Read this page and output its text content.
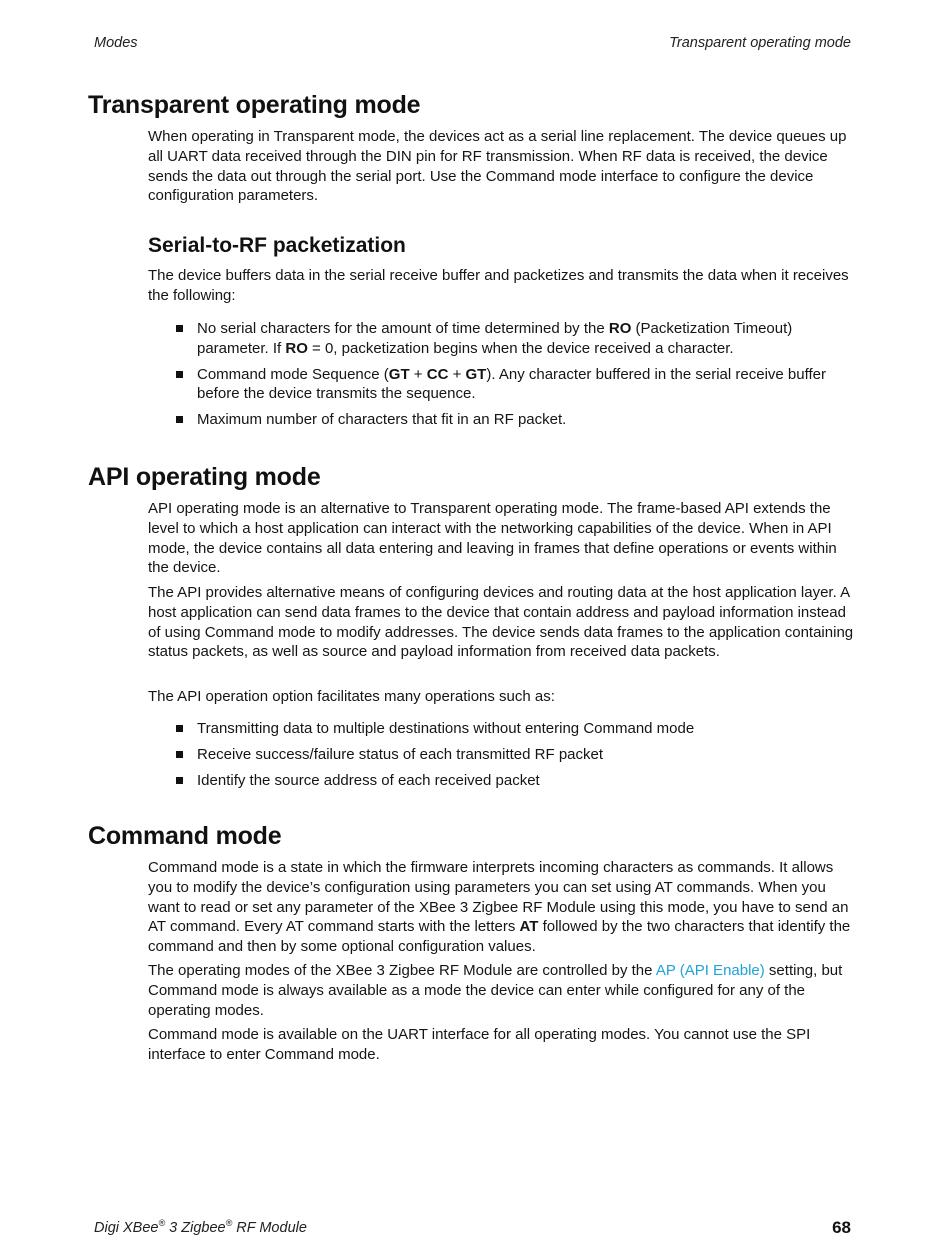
Modes	Transparent operating mode
Transparent operating mode

When operating in Transparent mode, the devices act as a serial line replacement. The device queues up all UART data received through the DIN pin for RF transmission. When RF data is received, the device sends the data out through the serial port. Use the Command mode interface to configure the device configuration parameters.

Serial-to-RF packetization

The device buffers data in the serial receive buffer and packetizes and transmits the data when it receives the following:

No serial characters for the amount of time determined by the RO (Packetization Timeout) parameter. If RO = 0, packetization begins when the device received a character.
Command mode Sequence (GT + CC + GT). Any character buffered in the serial receive buffer before the device transmits the sequence.
Maximum number of characters that fit in an RF packet.
API operating mode

API operating mode is an alternative to Transparent operating mode. The frame-based API extends the level to which a host application can interact with the networking capabilities of the device. When in API mode, the device contains all data entering and leaving in frames that define operations or events within the device.

The API provides alternative means of configuring devices and routing data at the host application layer. A host application can send data frames to the device that contain address and payload information instead of using Command mode to modify addresses. The device sends data frames to the application containing status packets, as well as source and payload information from received data packets.

The API operation option facilitates many operations such as:

Transmitting data to multiple destinations without entering Command mode
Receive success/failure status of each transmitted RF packet
Identify the source address of each received packet
Command mode

Command mode is a state in which the firmware interprets incoming characters as commands. It allows you to modify the device’s configuration using parameters you can set using AT commands. When you want to read or set any parameter of the XBee 3 Zigbee RF Module using this mode, you have to send an AT command. Every AT command starts with the letters AT followed by the two characters that identify the command and then by some optional configuration values.

The operating modes of the XBee 3 Zigbee RF Module are controlled by the AP (API Enable) setting, but Command mode is always available as a mode the device can enter while configured for any of the operating modes.

Command mode is available on the UART interface for all operating modes. You cannot use the SPI interface to enter Command mode.

Digi XBee® 3 Zigbee® RF Module	68
